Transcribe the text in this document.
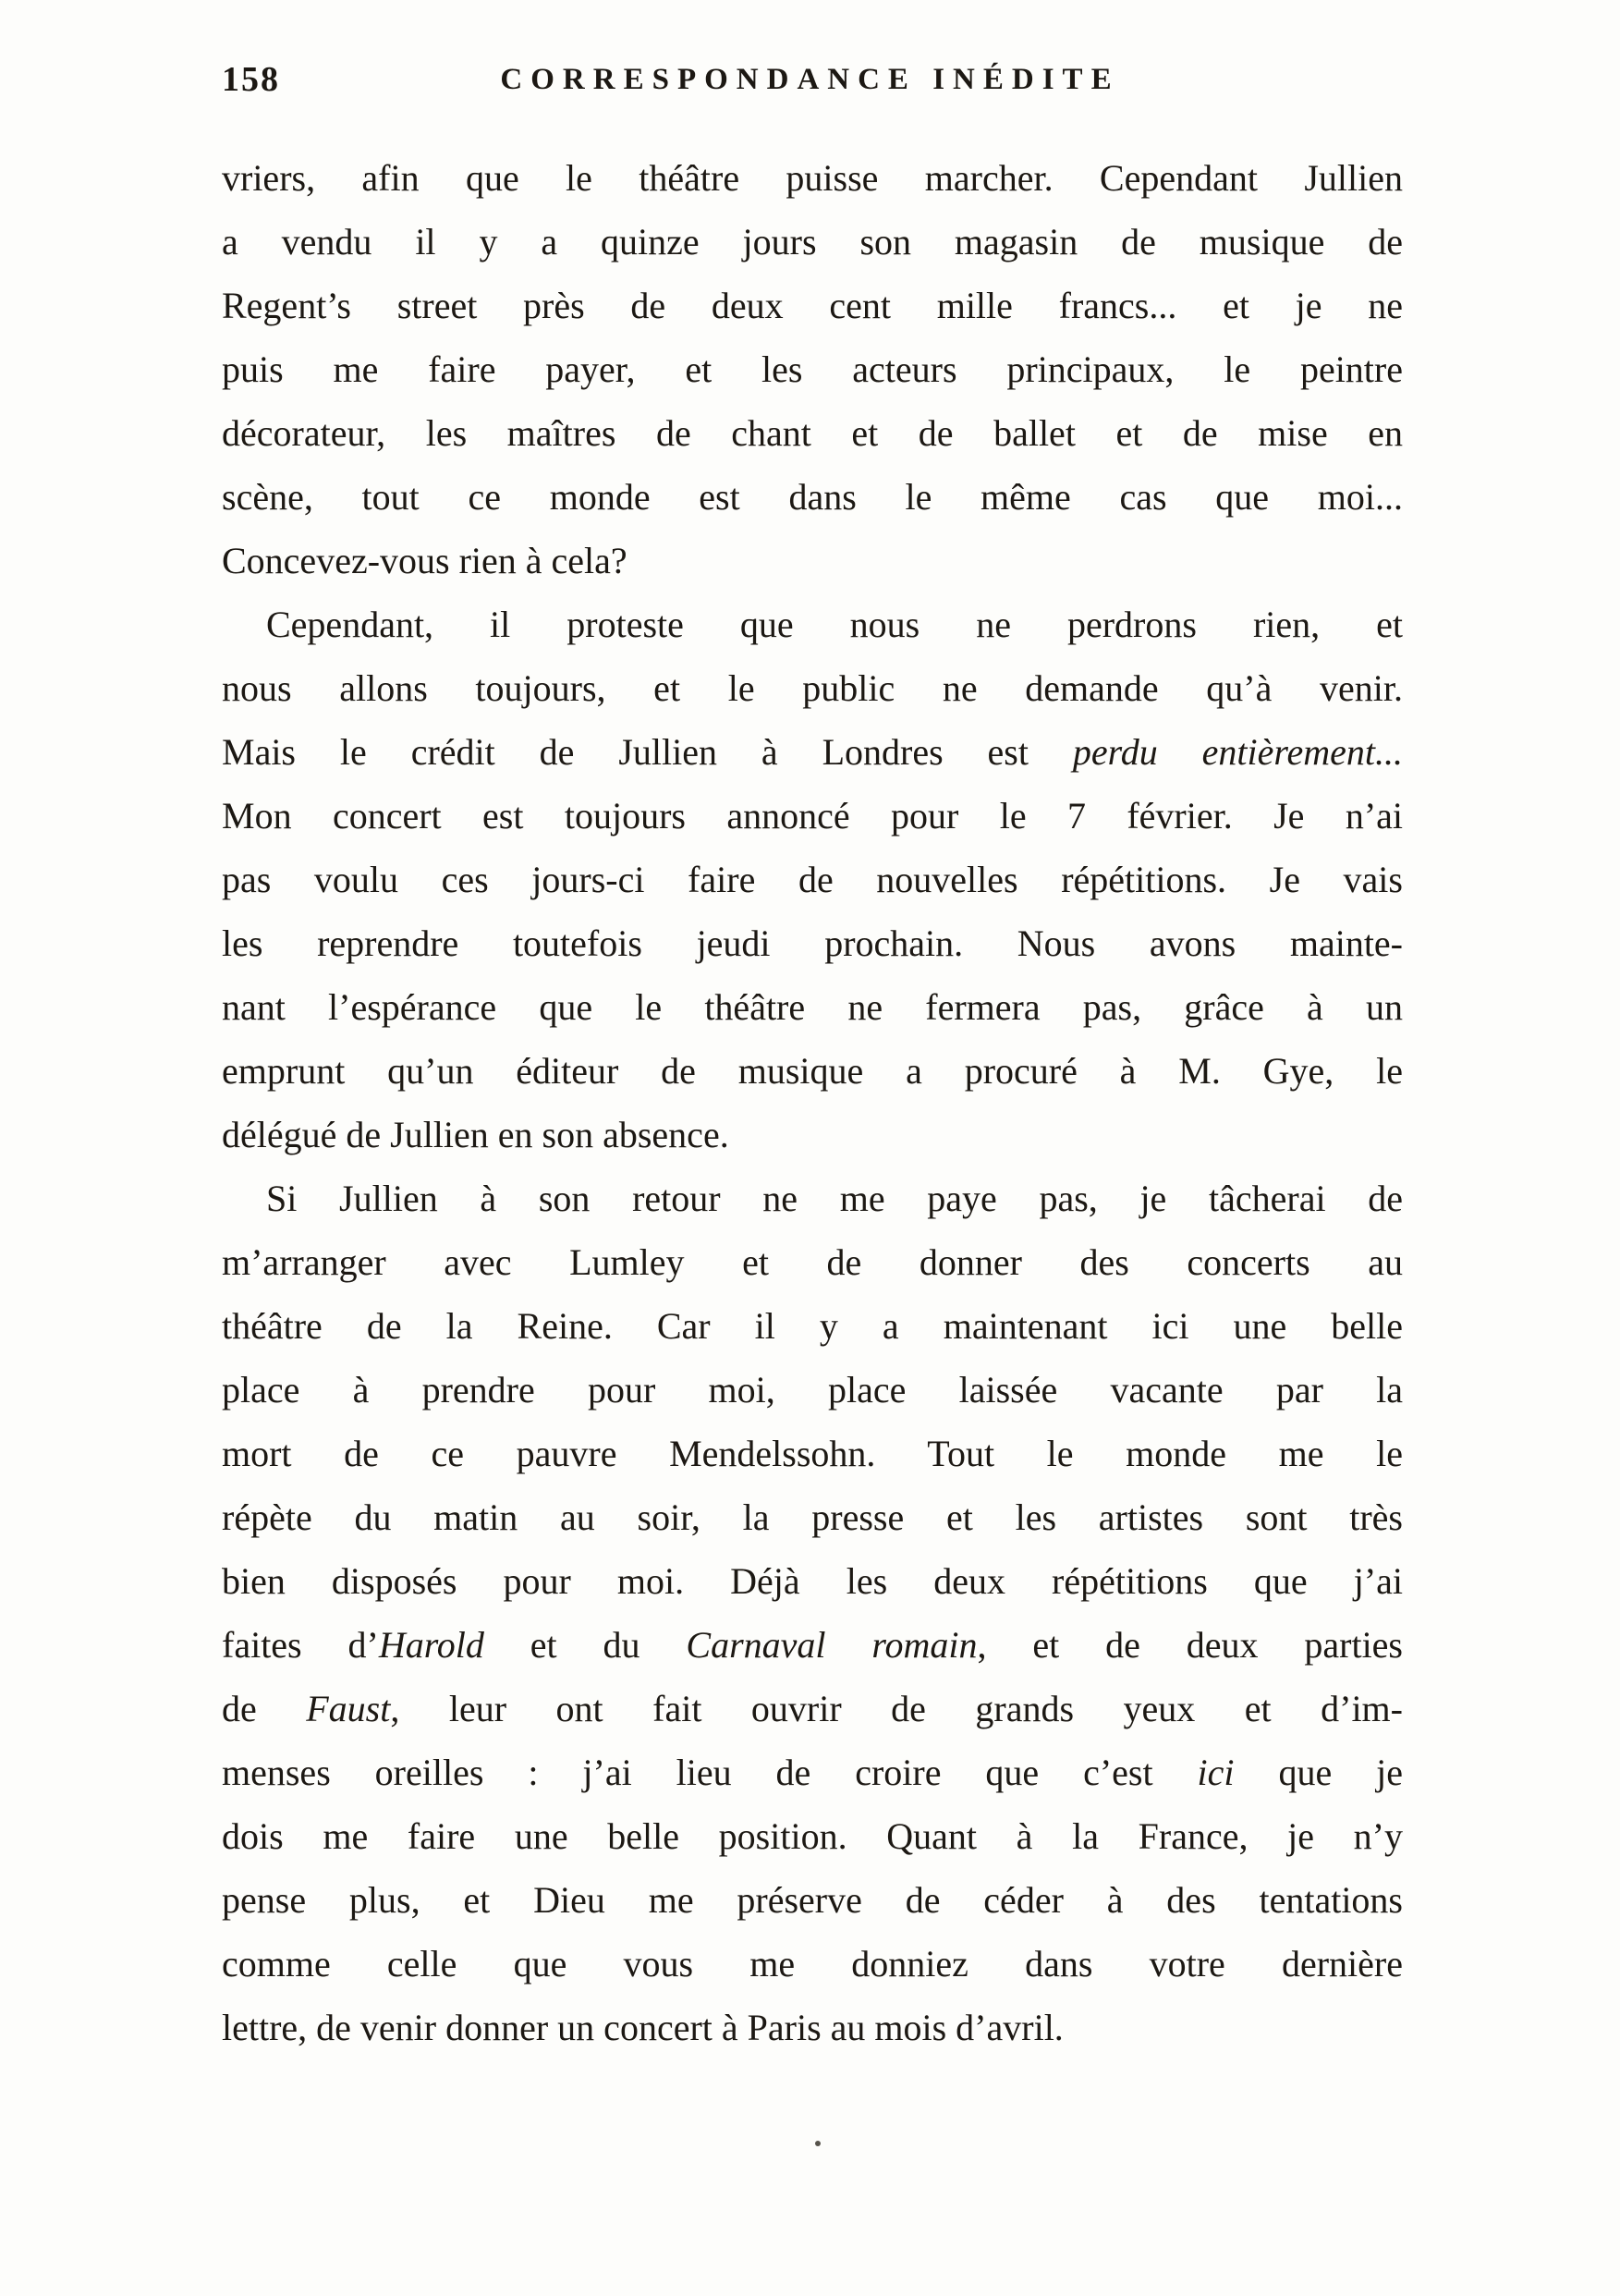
158	CORRESPONDANCE INÉDITE
vriers, afin que le théâtre puisse marcher. Cependant Jullien
a vendu il y a quinze jours son magasin de musique de
Regent’s street près de deux cent mille francs... et je ne
puis me faire payer, et les acteurs principaux, le peintre
décorateur, les maîtres de chant et de ballet et de mise en
scène, tout ce monde est dans le même cas que moi...
Concevez-vous rien à cela?
Cependant, il proteste que nous ne perdrons rien, et
nous allons toujours, et le public ne demande qu’à venir.
Mais le crédit de Jullien à Londres est perdu entièrement...
Mon concert est toujours annoncé pour le 7 février. Je n’ai
pas voulu ces jours-ci faire de nouvelles répétitions. Je vais
les reprendre toutefois jeudi prochain. Nous avons mainte-
nant l’espérance que le théâtre ne fermera pas, grâce à un
emprunt qu’un éditeur de musique a procuré à M. Gye, le
délégué de Jullien en son absence.
Si Jullien à son retour ne me paye pas, je tâcherai de
m’arranger avec Lumley et de donner des concerts au
théâtre de la Reine. Car il y a maintenant ici une belle
place à prendre pour moi, place laissée vacante par la
mort de ce pauvre Mendelssohn. Tout le monde me le
répète du matin au soir, la presse et les artistes sont très
bien disposés pour moi. Déjà les deux répétitions que j’ai
faites d’Harold et du Carnaval romain, et de deux parties
de Faust, leur ont fait ouvrir de grands yeux et d’im-
menses oreilles : j’ai lieu de croire que c’est ici que je
dois me faire une belle position. Quant à la France, je n’y
pense plus, et Dieu me préserve de céder à des tentations
comme celle que vous me donniez dans votre dernière
lettre, de venir donner un concert à Paris au mois d’avril.
